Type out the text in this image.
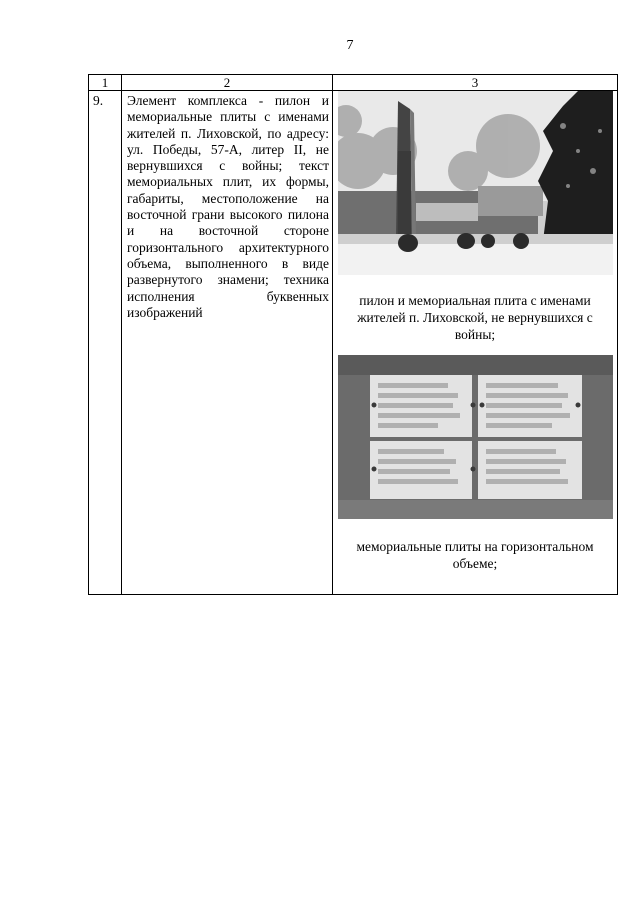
7
1	2	3
9.	Элемент комплекса - пилон и мемориальные плиты с именами жителей п. Лиховской, по адресу: ул. Победы, 57-А, литер II, не вернувшихся с войны; текст мемориальных плит, их формы, габариты, местоположение на восточной грани высокого пилона и на восточной стороне горизонтального архитектурного объема, выполненного в виде развернутого знамени; техника исполнения буквенных изображений	пилон и мемориальная плита с именами жителей п. Лиховской, не вернувшихся с войны;

мемориальные плиты на горизонтальном объеме;
